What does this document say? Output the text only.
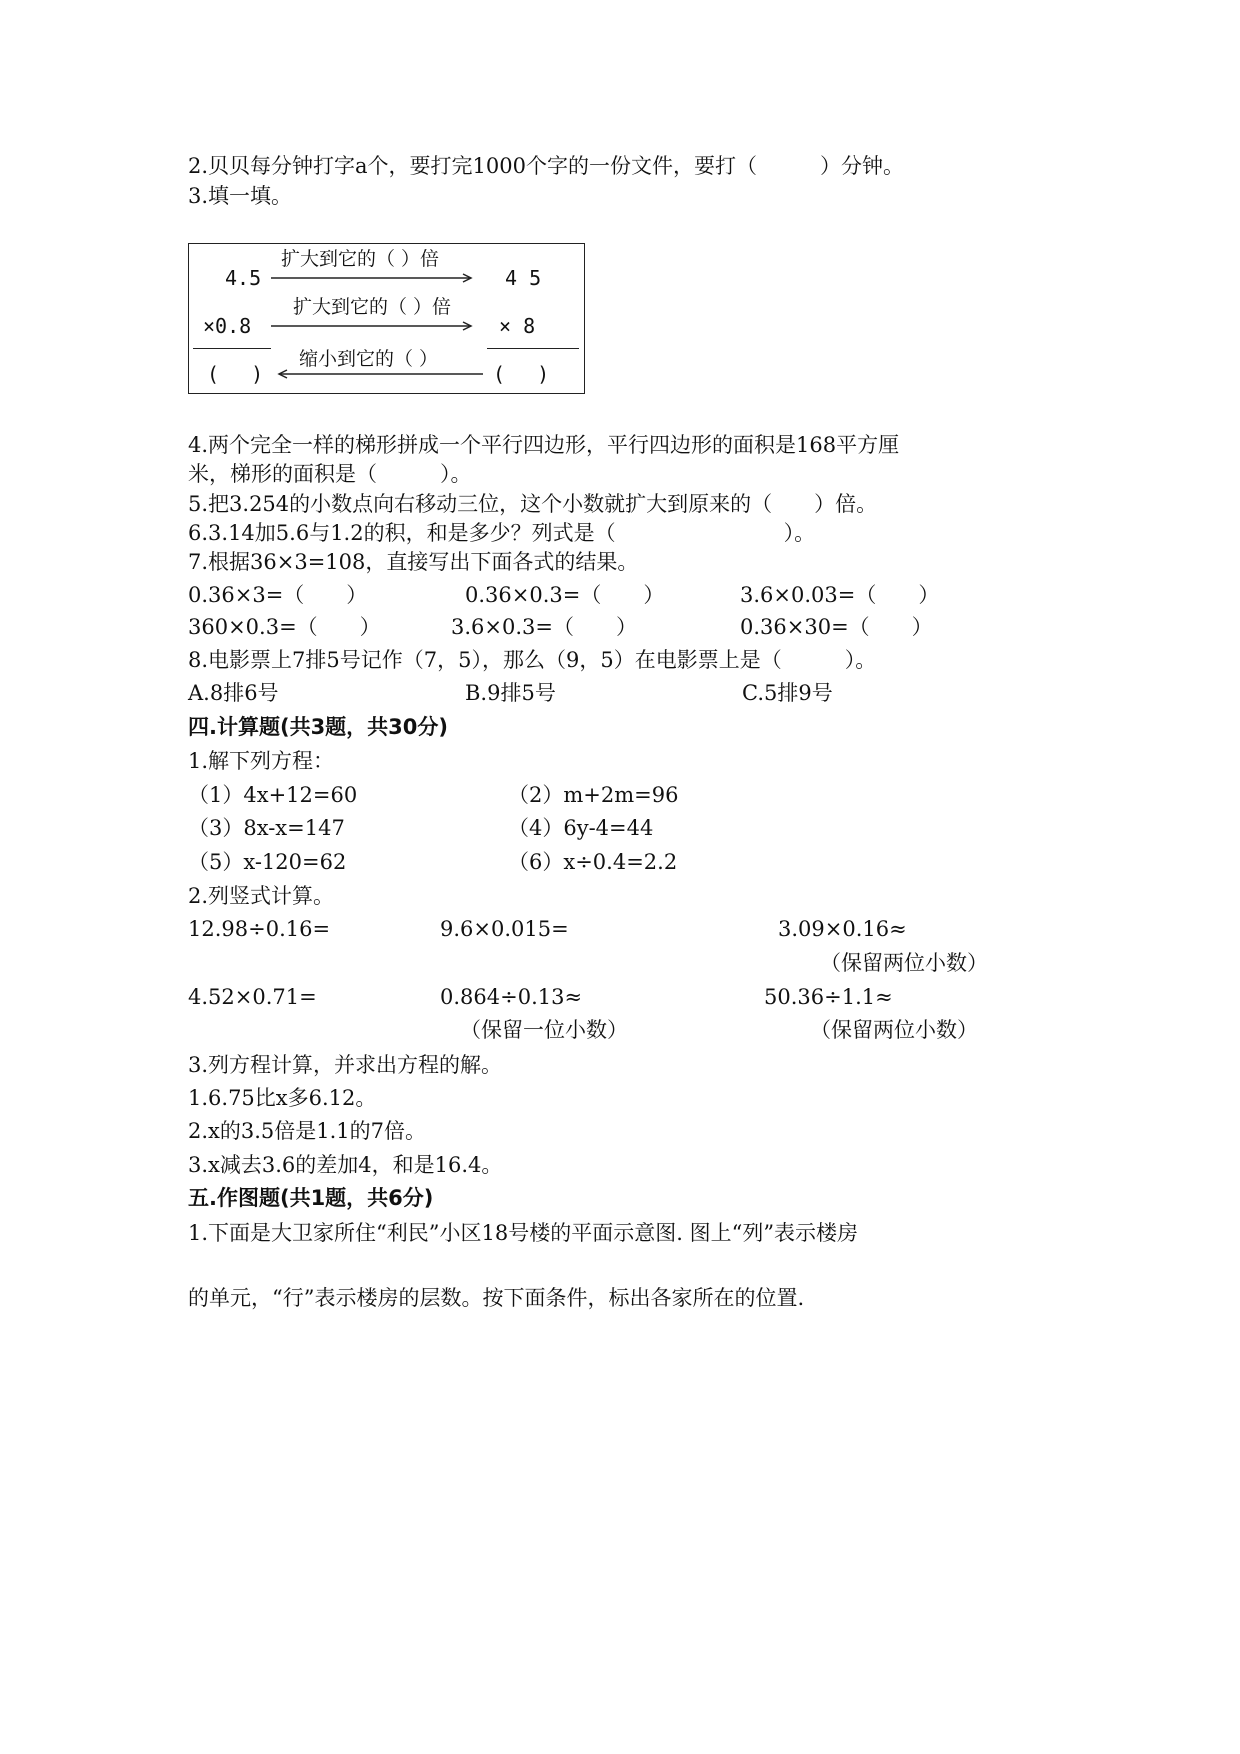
2.贝贝每分钟打字a个，要打完1000个字的一份文件，要打（　　　）分钟。
3.填一填。
4.5
扩大到它的（ ）倍
4 5
×0.8
扩大到它的（ ）倍
× 8
缩小到它的（ ）
(　 )	(　 )
4.两个完全一样的梯形拼成一个平行四边形，平行四边形的面积是168平方厘
米，梯形的面积是（　　　）。
5.把3.254的小数点向右移动三位，这个小数就扩大到原来的（　　）倍。
6.3.14加5.6与1.2的积，和是多少？列式是（　　　　　　　　）。
7.根据36×3=108，直接写出下面各式的结果。
0.36×3=（　　）	0.36×0.3=（　　）	3.6×0.03=（　　）
360×0.3=（　　）	3.6×0.3=（　　）	0.36×30=（　　）
8.电影票上7排5号记作（7，5），那么（9，5）在电影票上是（　　　）。
A.8排6号	B.9排5号	C.5排9号
四.计算题(共3题，共30分)
1.解下列方程：
（1）4x+12=60	（2）m+2m=96
（3）8x-x=147	（4）6y-4=44
（5）x-120=62	（6）x÷0.4=2.2
2.列竖式计算。
12.98÷0.16=	9.6×0.015=	3.09×0.16≈
（保留两位小数）
4.52×0.71=	0.864÷0.13≈	50.36÷1.1≈
（保留一位小数）	（保留两位小数）
3.列方程计算，并求出方程的解。
1.6.75比x多6.12。
2.x的3.5倍是1.1的7倍。
3.x减去3.6的差加4，和是16.4。
五.作图题(共1题，共6分)
1.下面是大卫家所住“利民”小区18号楼的平面示意图. 图上“列”表示楼房
的单元，“行”表示楼房的层数。按下面条件，标出各家所在的位置.
